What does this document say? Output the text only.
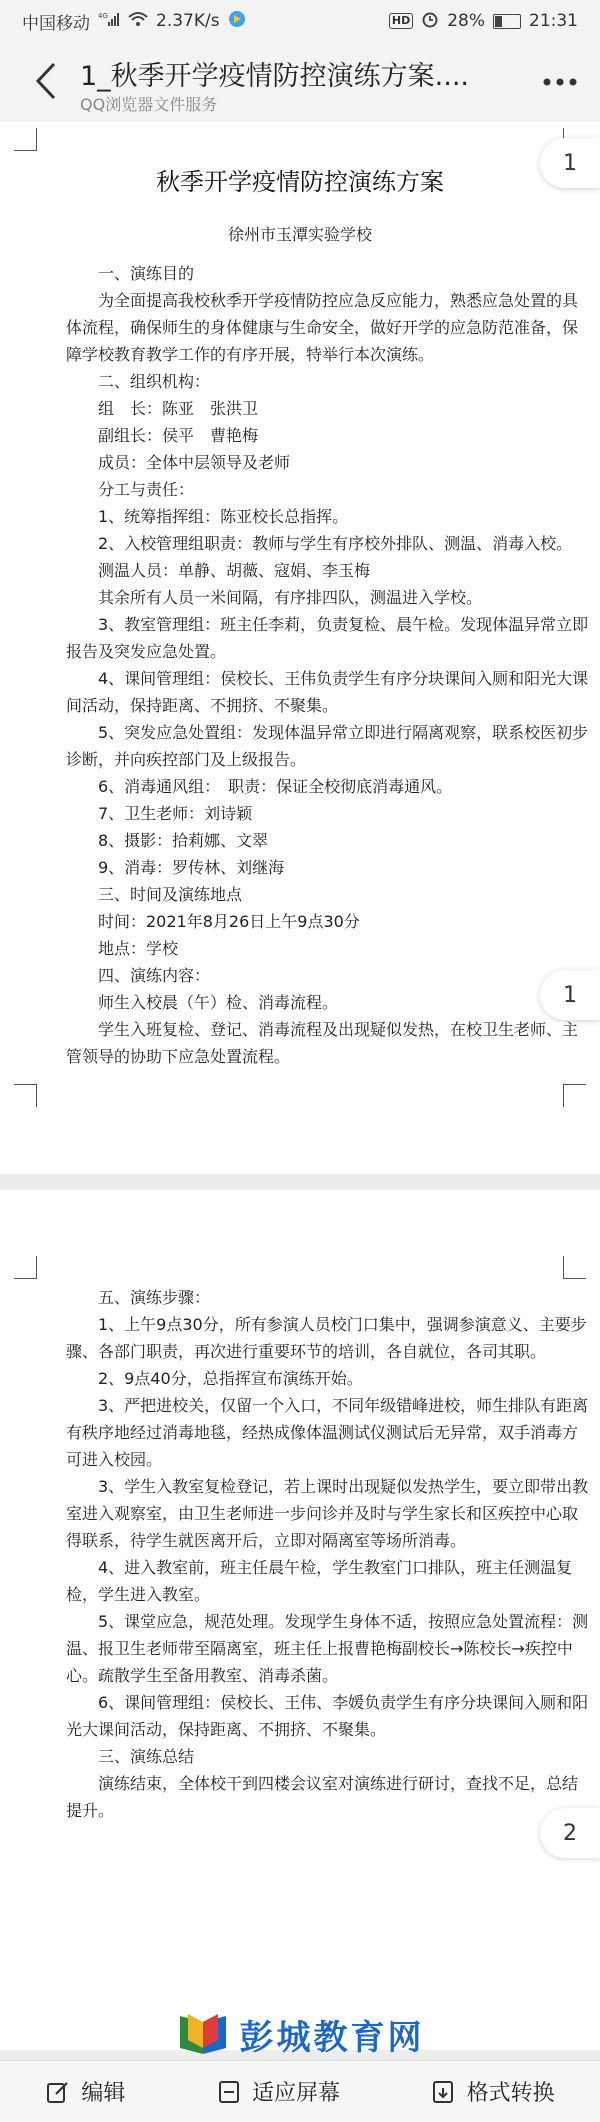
中国移动 4G	2.37K/s	HD 28%	21:31
1_秋季开学疫情防控演练方案....
QQ浏览器文件服务
1
秋季开学疫情防控演练方案
徐州市玉潭实验学校

一、演练目的

为全面提高我校秋季开学疫情防控应急反应能力，熟悉应急处置的具体流程，确保师生的身体健康与生命安全，做好开学的应急防范准备，保障学校教育教学工作的有序开展，特举行本次演练。

二、组织机构：

组　长：陈亚　张洪卫

副组长：侯平　曹艳梅

成员：全体中层领导及老师

分工与责任：

1、统筹指挥组：陈亚校长总指挥。

2、入校管理组职责：教师与学生有序校外排队、测温、消毒入校。

测温人员：单静、胡薇、寇娟、李玉梅

其余所有人员一米间隔，有序排四队，测温进入学校。

3、教室管理组：班主任李莉，负责复检、晨午检。发现体温异常立即报告及突发应急处置。

4、课间管理组：侯校长、王伟负责学生有序分块课间入厕和阳光大课间活动，保持距离、不拥挤、不聚集。

5、突发应急处置组：发现体温异常立即进行隔离观察，联系校医初步诊断，并向疾控部门及上级报告。

6、消毒通风组：　职责：保证全校彻底消毒通风。

7、卫生老师：刘诗颖

8、摄影：拾莉娜、文翠

9、消毒：罗传林、刘继海

三、时间及演练地点

时间：2021年8月26日上午9点30分

地点：学校

四、演练内容：

师生入校晨（午）检、消毒流程。

学生入班复检、登记、消毒流程及出现疑似发热，在校卫生老师、主管领导的协助下应急处置流程。

1

五、演练步骤：

1、上午9点30分，所有参演人员校门口集中，强调参演意义、主要步骤、各部门职责，再次进行重要环节的培训，各自就位，各司其职。

2、9点40分，总指挥宣布演练开始。

3、严把进校关，仅留一个入口，不同年级错峰进校，师生排队有距离有秩序地经过消毒地毯，经热成像体温测试仪测试后无异常，双手消毒方可进入校园。

3、学生入教室复检登记，若上课时出现疑似发热学生，要立即带出教室进入观察室，由卫生老师进一步问诊并及时与学生家长和区疾控中心取得联系，待学生就医离开后，立即对隔离室等场所消毒。

4、进入教室前，班主任晨午检，学生教室门口排队，班主任测温复检，学生进入教室。

5、课堂应急，规范处理。发现学生身体不适，按照应急处置流程：测温、报卫生老师带至隔离室，班主任上报曹艳梅副校长→陈校长→疾控中心。疏散学生至备用教室、消毒杀菌。

6、课间管理组：侯校长、王伟、李媛负责学生有序分块课间入厕和阳光大课间活动，保持距离、不拥挤、不聚集。

三、演练总结

演练结束，全体校干到四楼会议室对演练进行研讨，查找不足，总结提升。

2
彭城教育网
编辑	适应屏幕	格式转换
